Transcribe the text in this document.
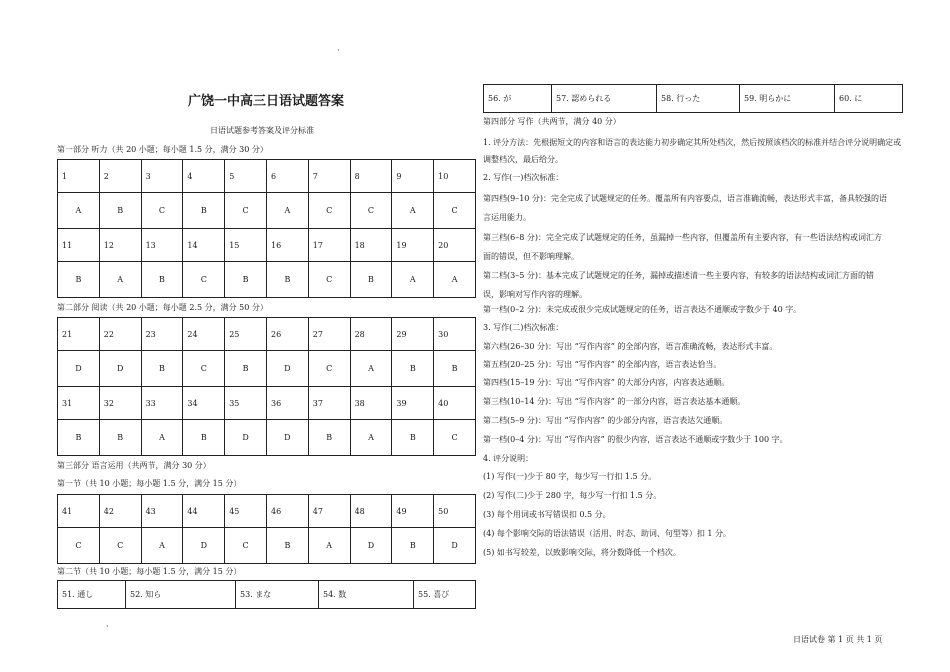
·
广饶一中高三日语试题答案
日语试题参考答案及评分标准
第一部分 听力（共 20 小题；每小题 1.5 分，满分 30 分）
1	2	3	4	5	6	7	8	9	10
A	B	C	B	C	A	C	C	A	C
11	12	13	14	15	16	17	18	19	20
B	A	B	C	B	B	C	B	A	A
第二部分 阅读（共 20 小题；每小题 2.5 分，满分 50 分）
21	22	23	24	25	26	27	28	29	30
D	D	B	C	B	D	C	A	B	B
31	32	33	34	35	36	37	38	39	40
B	B	A	B	D	D	B	A	B	C
第三部分 语言运用（共两节，满分 30 分）
第一节（共 10 小题；每小题 1.5 分，满分 15 分）
41	42	43	44	45	46	47	48	49	50
C	C	A	D	C	B	A	D	B	D
第二节（共 10 小题；每小题 1.5 分，满分 15 分）
51. 通し	52. 知ら	53. まな	54. 数	55. 喜び
·
56. が	57. 認められる	58. 行った	59. 明らかに	60. に
第四部分 写作（共两节，满分 40 分）
1. 评分方法：先根据短文的内容和语言的表达能力初步确定其所处档次，然后按照该档次的标准并结合评分说明确定或调整档次，最后给分。
2. 写作(一)档次标准：
第四档(9–10 分)：完全完成了试题规定的任务。覆盖所有内容要点，语言准确流畅，表达形式丰富，备具较强的语言运用能力。
第三档(6–8 分)：完全完成了试题规定的任务，虽漏掉一些内容，但覆盖所有主要内容，有一些语法结构或词汇方面的错误，但不影响理解。
第二档(3–5 分)：基本完成了试题规定的任务，漏掉或描述清一些主要内容，有较多的语法结构或词汇方面的错误，影响对写作内容的理解。
第一档(0–2 分)：未完成或很少完成试题规定的任务，语言表达不通顺或字数少于 40 字。
3. 写作(二)档次标准：
第六档(26–30 分)：写出 “写作内容” 的全部内容，语言准确流畅，表达形式丰富。
第五档(20–25 分)：写出 “写作内容” 的全部内容，语言表达恰当。
第四档(15–19 分)：写出 “写作内容” 的大部分内容，内容表达通顺。
第三档(10–14 分)：写出 “写作内容” 的一部分内容，语言表达基本通顺。
第二档(5–9 分)：写出 “写作内容” 的少部分内容，语言表达欠通顺。
第一档(0–4 分)：写出 “写作内容” 的很少内容，语言表达不通顺或字数少于 100 字。
4. 评分说明：
(1) 写作(一)少于 80 字，每少写一行扣 1.5 分。
(2) 写作(二)少于 280 字，每少写一行扣 1.5 分。
(3) 每个用词或书写错误扣 0.5 分。
(4) 每个影响交际的语法错误（活用、时态、助词、句型等）扣 1 分。
(5) 如书写较差，以致影响交际，将分数降低一个档次。
日语试卷 第 1 页 共 1 页
